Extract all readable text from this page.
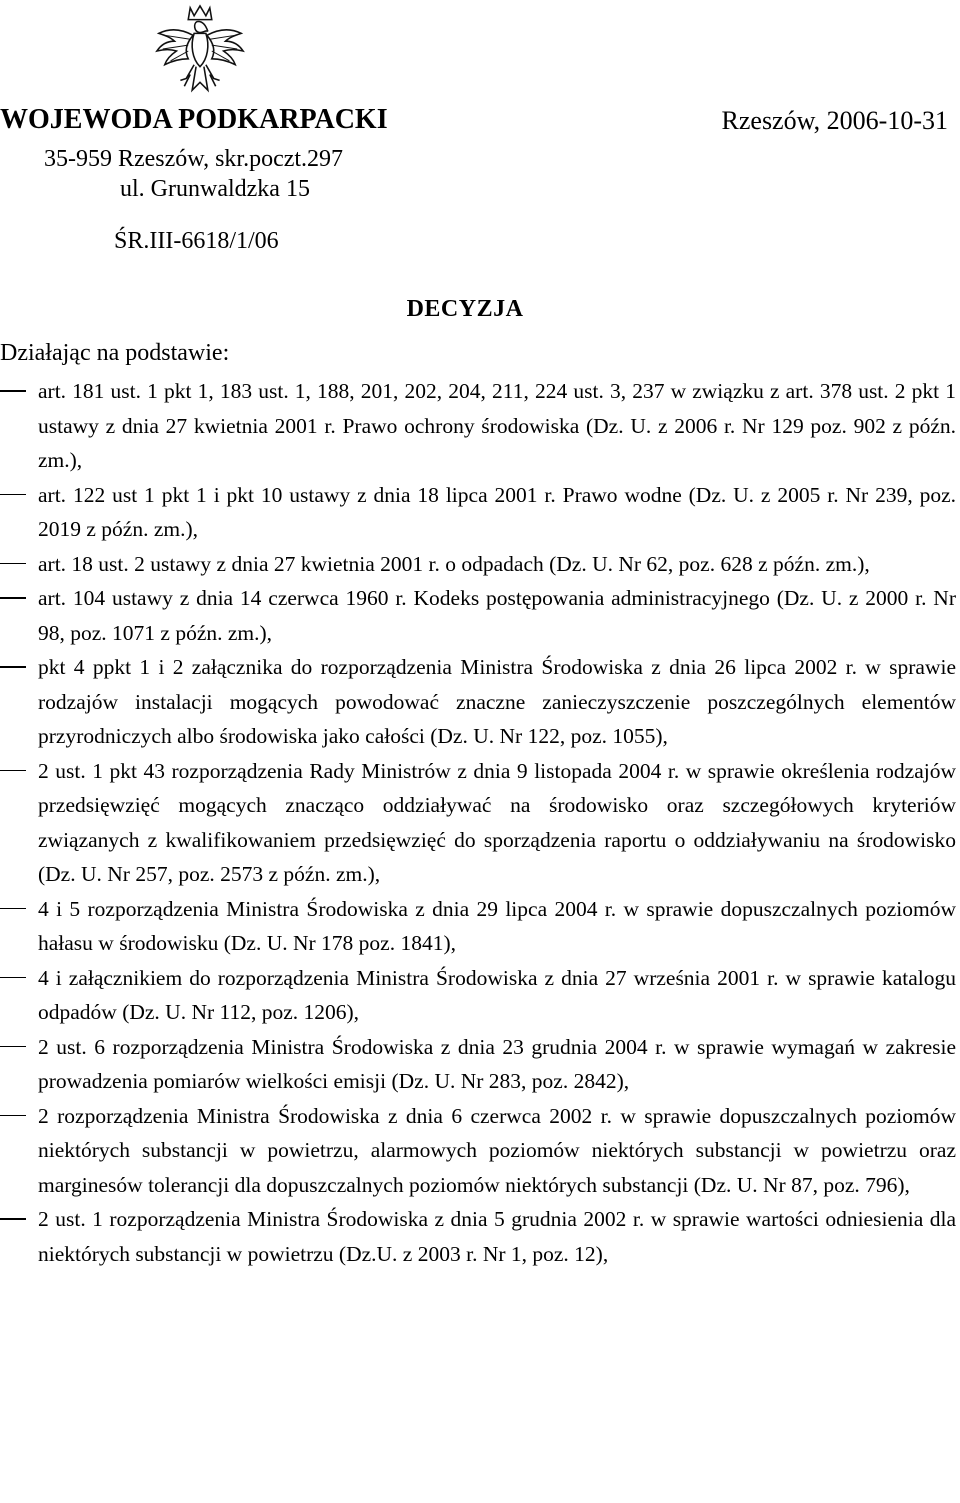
WOJEWODA PODKARPACKI	Rzeszów, 2006-10-31
35-959 Rzeszów, skr.poczt.297
ul. Grunwaldzka 15
ŚR.III-6618/1/06
DECYZJA
Działając na podstawie:
art. 181 ust. 1 pkt 1, 183 ust. 1, 188, 201, 202, 204, 211, 224 ust. 3, 237 w związku z art. 378 ust. 2 pkt 1 ustawy z dnia 27 kwietnia 2001 r. Prawo ochrony środowiska (Dz. U. z 2006 r. Nr 129 poz. 902 z późn. zm.),
art. 122 ust 1 pkt 1 i pkt 10 ustawy z dnia 18 lipca 2001 r. Prawo wodne (Dz. U. z 2005 r. Nr 239, poz. 2019 z późn. zm.),
art. 18 ust. 2 ustawy z dnia 27 kwietnia 2001 r. o odpadach (Dz. U. Nr 62, poz. 628 z późn. zm.),
art. 104 ustawy z dnia 14 czerwca 1960 r. Kodeks postępowania administracyjnego (Dz. U. z 2000 r. Nr 98, poz. 1071 z późn. zm.),
pkt 4 ppkt 1 i 2 załącznika do rozporządzenia Ministra Środowiska z dnia 26 lipca 2002 r. w sprawie rodzajów instalacji mogących powodować znaczne zanieczyszczenie poszczególnych elementów przyrodniczych albo środowiska jako całości (Dz. U. Nr 122, poz. 1055),
2 ust. 1 pkt 43 rozporządzenia Rady Ministrów z dnia 9 listopada 2004 r. w sprawie określenia rodzajów przedsięwzięć mogących znacząco oddziaływać na środowisko oraz szczegółowych kryteriów związanych z kwalifikowaniem przedsięwzięć do sporządzenia raportu o oddziaływaniu na środowisko (Dz. U. Nr 257, poz. 2573 z późn. zm.),
4 i 5 rozporządzenia Ministra Środowiska z dnia 29 lipca 2004 r. w sprawie dopuszczalnych poziomów hałasu w środowisku (Dz. U. Nr 178 poz. 1841),
4 i załącznikiem do rozporządzenia Ministra Środowiska z dnia 27 września 2001 r. w sprawie katalogu odpadów (Dz. U. Nr 112, poz. 1206),
2 ust. 6 rozporządzenia Ministra Środowiska z dnia 23 grudnia 2004 r. w sprawie wymagań w zakresie prowadzenia pomiarów wielkości emisji (Dz. U. Nr 283, poz. 2842),
2 rozporządzenia Ministra Środowiska z dnia 6 czerwca 2002 r. w sprawie dopuszczalnych poziomów niektórych substancji w powietrzu, alarmowych poziomów niektórych substancji w powietrzu oraz marginesów tolerancji dla dopuszczalnych poziomów niektórych substancji (Dz. U. Nr 87, poz. 796),
2 ust. 1 rozporządzenia Ministra Środowiska z dnia 5 grudnia 2002 r. w sprawie wartości odniesienia dla niektórych substancji w powietrzu (Dz.U. z 2003 r. Nr 1, poz. 12),
